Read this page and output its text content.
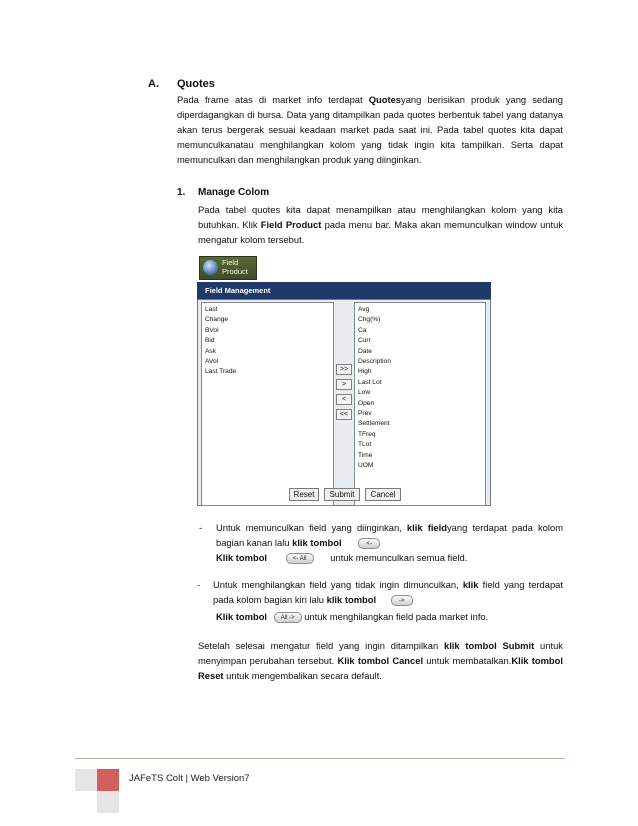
A. Quotes

Pada frame atas di market info terdapat Quotesyang berisikan produk yang sedang diperdagangkan di bursa. Data yang ditampilkan pada quotes berbentuk tabel yang datanya akan terus bergerak sesuai keadaan market pada saat ini. Pada tabel quotes kita dapat memunculkanatau menghilangkan kolom yang tidak ingin kita tampilkan. Serta dapat memunculkan dan menghilangkan produk yang diinginkan.

1. Manage Colom

Pada tabel quotes kita dapat menampilkan atau menghilangkan kolom yang kita butuhkan. Klik Field Product pada menu bar. Maka akan memunculkan window untuk mengatur kolom tersebut.

Field
Product
Field Management
Last
Change
BVol
Bid
Ask
AVol
Last Trade	>>
>
<
<<
Avg
Chg(%)
Ca
Curr
Date
Description
High
Last Lot
Low
Open
Prev
Settlement
TFreq
TLot
Time
UOM
Reset	Submit	Cancel
- Untuk memunculkan field yang diinginkan, klik fieldyang terdapat pada kolom bagian kanan lalu klik tombol	<-

Klik tombol	<- All	untuk memunculkan semua field.
- Untuk menghilangkan field yang tidak ingin dimunculkan, klik field yang terdapat pada kolom bagian kiri lalu klik tombol	->

Klik tombol All -> untuk menghilangkan field pada market info.

Setelah selesai mengatur field yang ingin ditampilkan klik tombol Submit untuk menyimpan perubahan tersebut. Klik tombol Cancel untuk membatalkan.Klik tombol Reset untuk mengembalikan secara default.

JAFeTS Colt | Web Version7
